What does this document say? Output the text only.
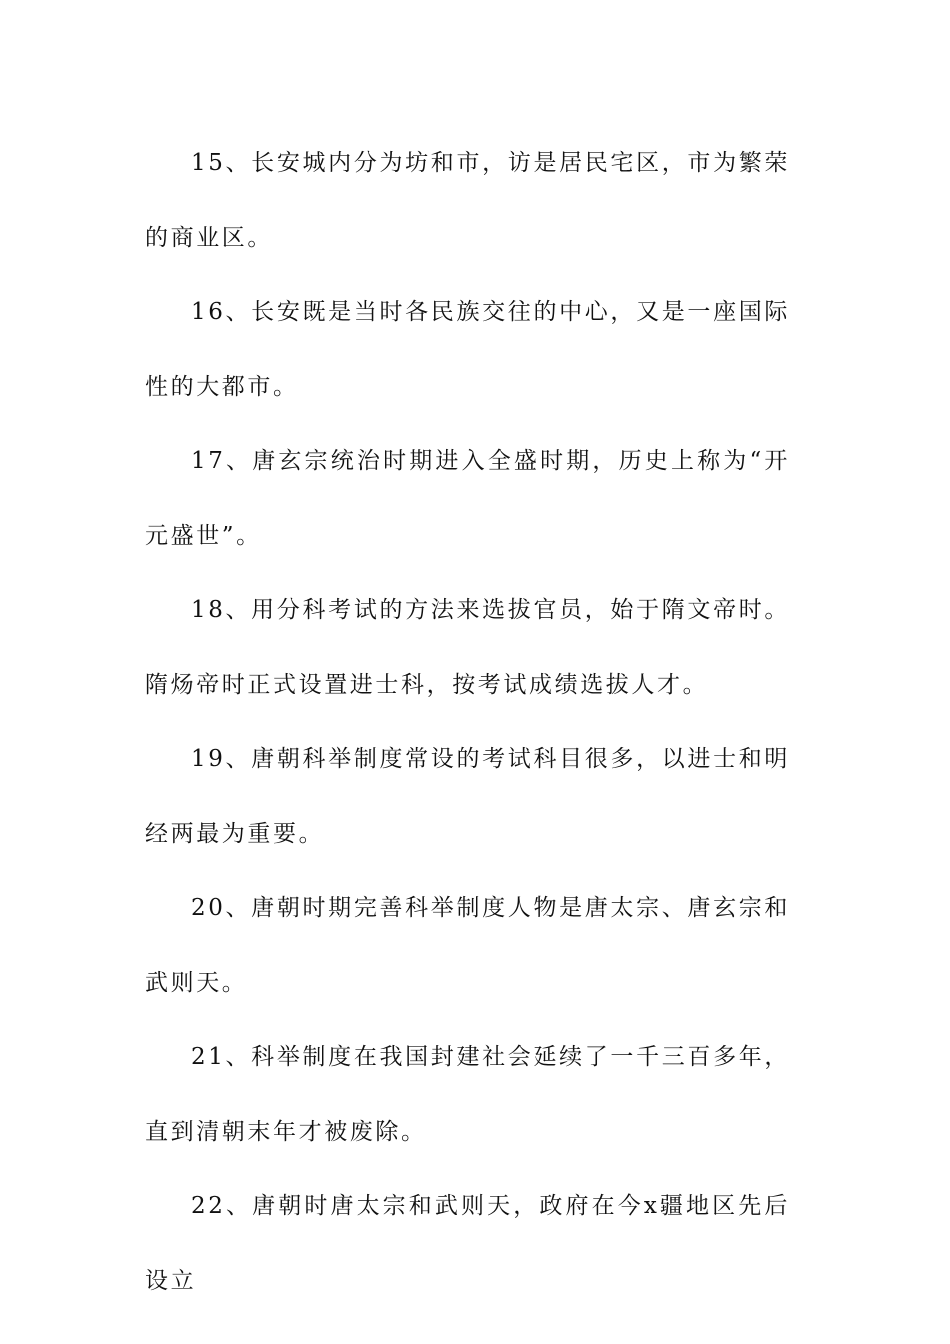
15、长安城内分为坊和市，访是居民宅区，市为繁荣的商业区。

16、长安既是当时各民族交往的中心，又是一座国际性的大都市。

17、唐玄宗统治时期进入全盛时期，历史上称为“开元盛世”。

18、用分科考试的方法来选拔官员，始于隋文帝时。隋炀帝时正式设置进士科，按考试成绩选拔人才。

19、唐朝科举制度常设的考试科目很多，以进士和明经两最为重要。

20、唐朝时期完善科举制度人物是唐太宗、唐玄宗和武则天。

21、科举制度在我国封建社会延续了一千三百多年，直到清朝末年才被废除。

22、唐朝时唐太宗和武则天，政府在今x疆地区先后设立
